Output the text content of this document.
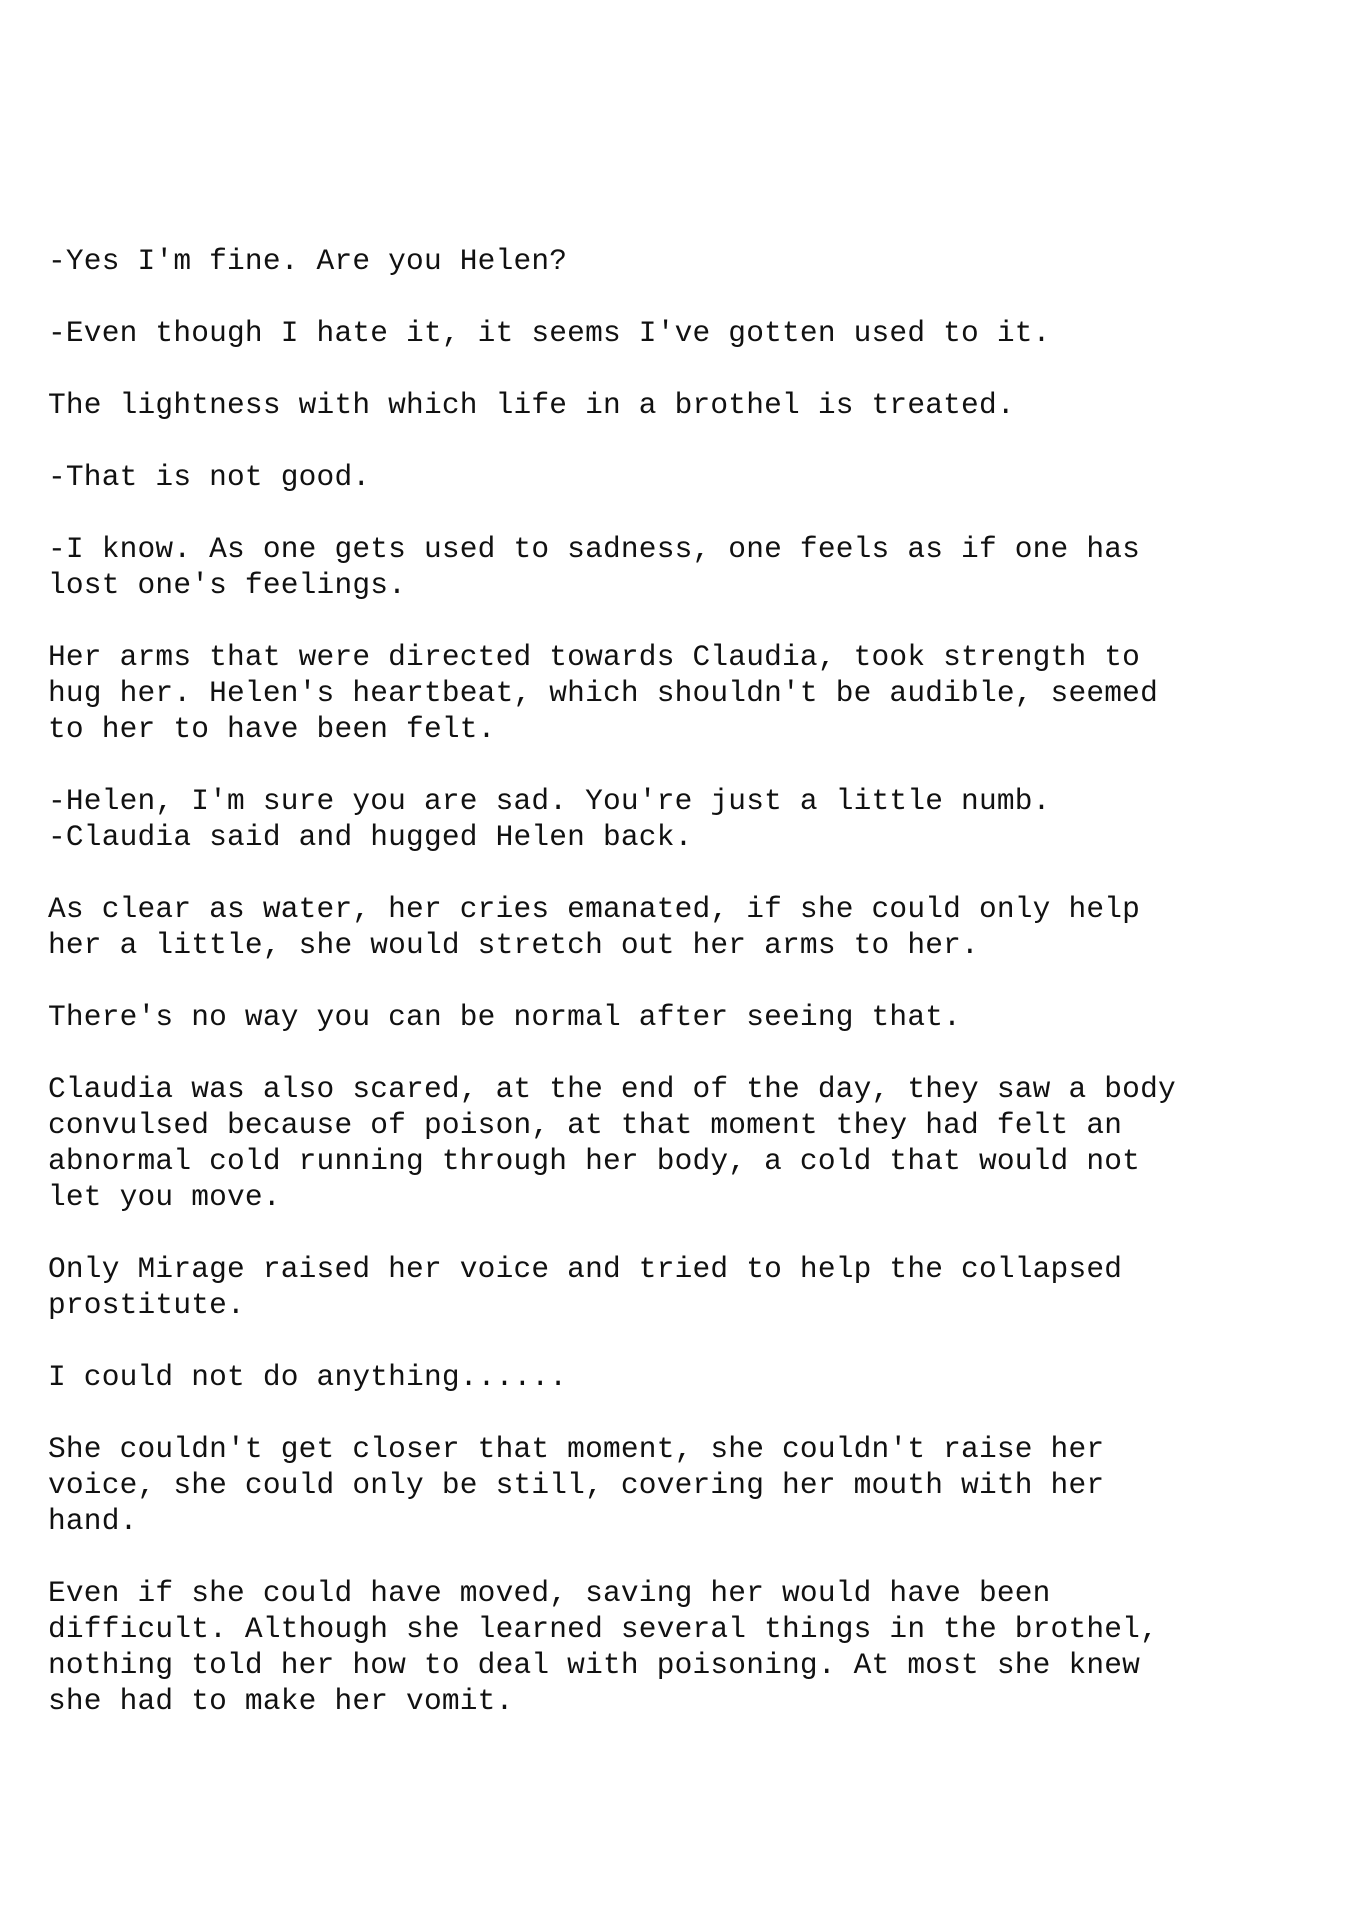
-Yes I'm fine. Are you Helen?

-Even though I hate it, it seems I've gotten used to it.

The lightness with which life in a brothel is treated.

-That is not good.

-I know. As one gets used to sadness, one feels as if one has
lost one's feelings.

Her arms that were directed towards Claudia, took strength to
hug her. Helen's heartbeat, which shouldn't be audible, seemed
to her to have been felt.

-Helen, I'm sure you are sad. You're just a little numb.
-Claudia said and hugged Helen back.

As clear as water, her cries emanated, if she could only help
her a little, she would stretch out her arms to her.

There's no way you can be normal after seeing that.

Claudia was also scared, at the end of the day, they saw a body
convulsed because of poison, at that moment they had felt an
abnormal cold running through her body, a cold that would not
let you move.

Only Mirage raised her voice and tried to help the collapsed
prostitute.

I could not do anything......

She couldn't get closer that moment, she couldn't raise her
voice, she could only be still, covering her mouth with her
hand.

Even if she could have moved, saving her would have been
difficult. Although she learned several things in the brothel,
nothing told her how to deal with poisoning. At most she knew
she had to make her vomit.
